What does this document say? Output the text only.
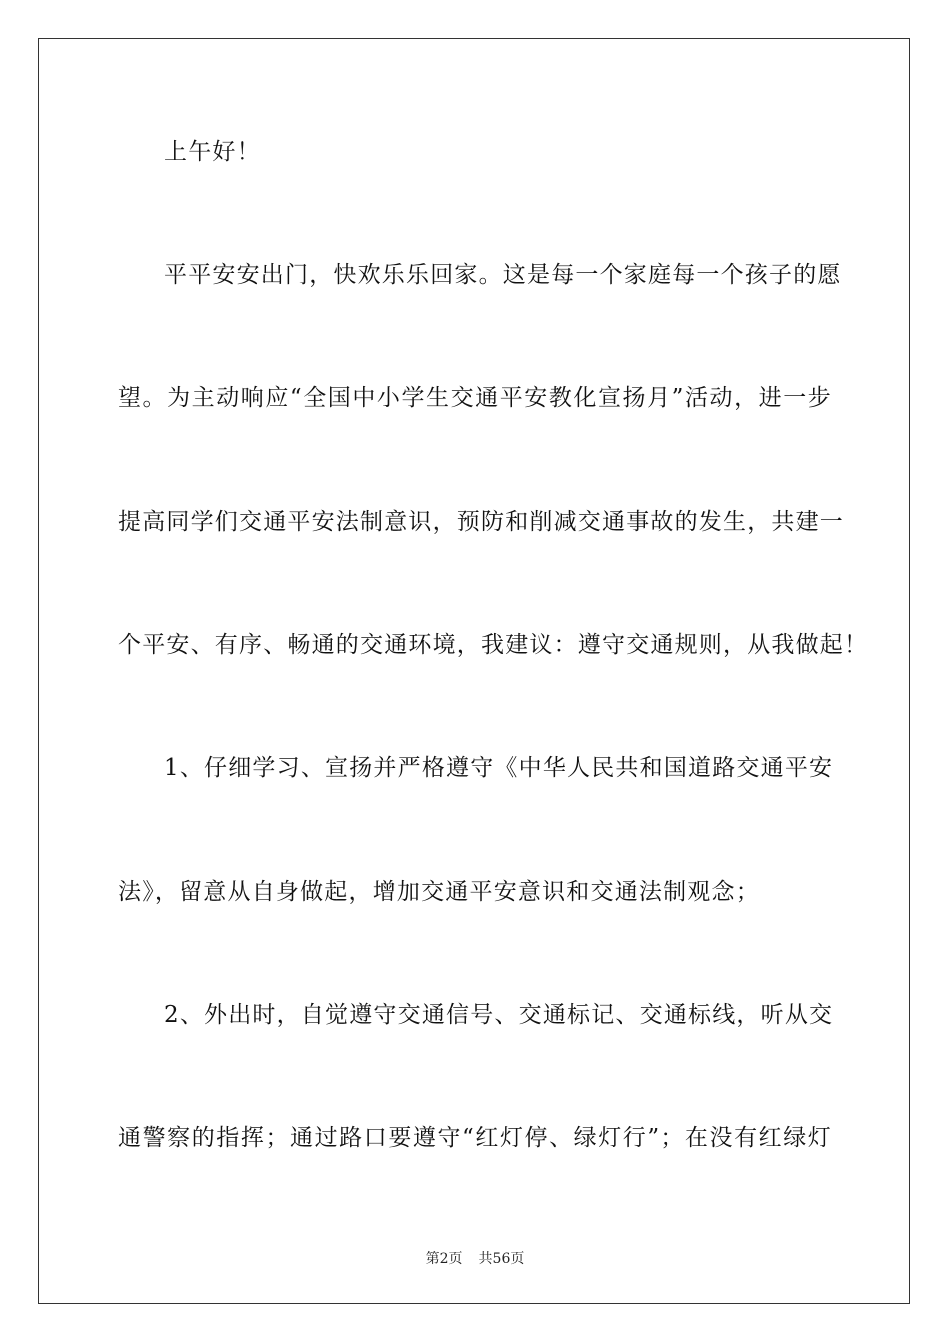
上午好！
平平安安出门，快欢乐乐回家。这是每一个家庭每一个孩子的愿
望。为主动响应“全国中小学生交通平安教化宣扬月”活动，进一步
提高同学们交通平安法制意识，预防和削减交通事故的发生，共建一
个平安、有序、畅通的交通环境，我建议：遵守交通规则，从我做起！
1、仔细学习、宣扬并严格遵守《中华人民共和国道路交通平安
法》，留意从自身做起，增加交通平安意识和交通法制观念；
2、外出时，自觉遵守交通信号、交通标记、交通标线，听从交
通警察的指挥；通过路口要遵守“红灯停、绿灯行”；在没有红绿灯
第2页 共56页
